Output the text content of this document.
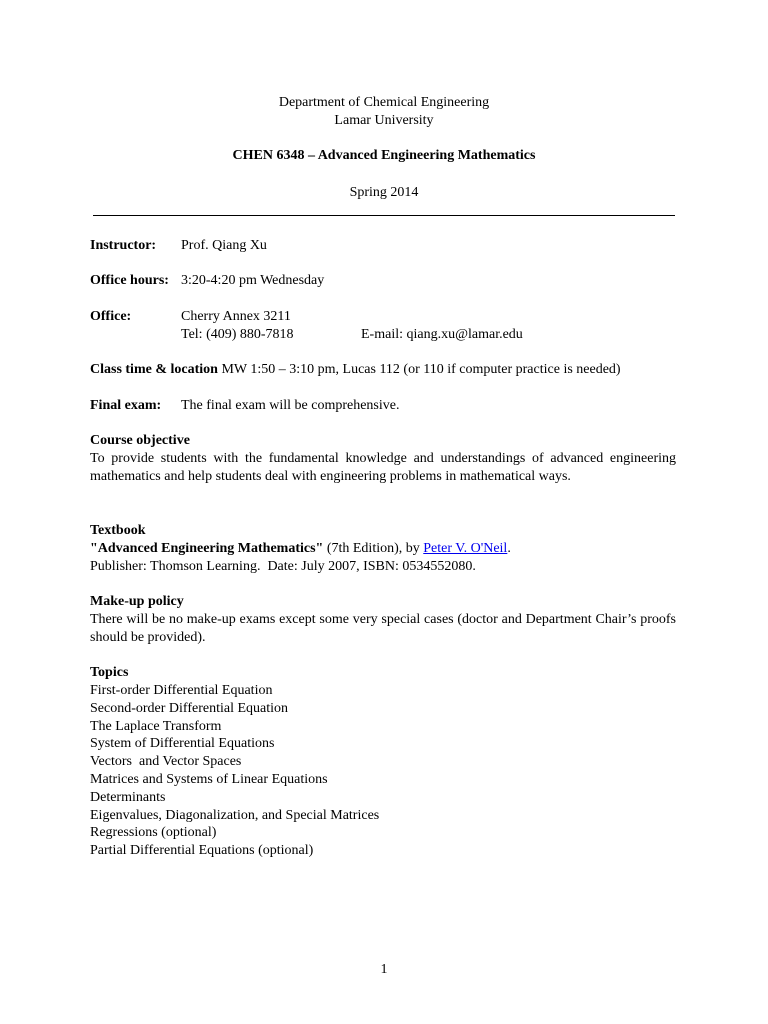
Department of Chemical Engineering
Lamar University
CHEN 6348 – Advanced Engineering Mathematics
Spring 2014
Instructor: Prof. Qiang Xu
Office hours: 3:20-4:20 pm Wednesday
Office:	Cherry Annex 3211
Tel: (409) 880-7818	E-mail: qiang.xu@lamar.edu
Class time & location MW 1:50 – 3:10 pm, Lucas 112 (or 110 if computer practice is needed)
Final exam: The final exam will be comprehensive.
Course objective
To provide students with the fundamental knowledge and understandings of advanced engineering mathematics and help students deal with engineering problems in mathematical ways.
Textbook
"Advanced Engineering Mathematics" (7th Edition), by Peter V. O'Neil.
Publisher: Thomson Learning.  Date: July 2007, ISBN: 0534552080.
Make-up policy
There will be no make-up exams except some very special cases (doctor and Department Chair’s proofs should be provided).
Topics
First-order Differential Equation
Second-order Differential Equation
The Laplace Transform
System of Differential Equations
Vectors  and Vector Spaces
Matrices and Systems of Linear Equations
Determinants
Eigenvalues, Diagonalization, and Special Matrices
Regressions (optional)
Partial Differential Equations (optional)
1
